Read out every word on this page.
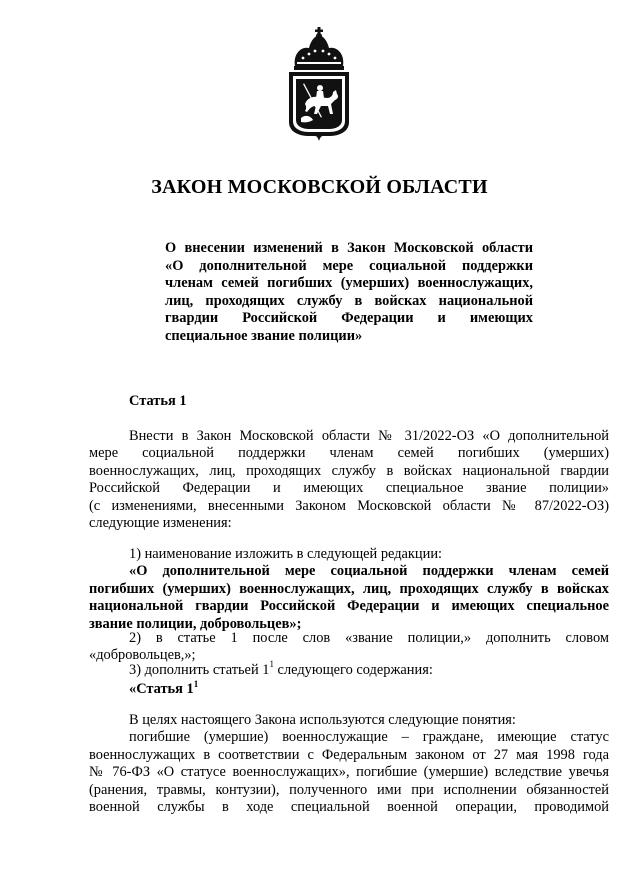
ЗАКОН МОСКОВСКОЙ ОБЛАСТИ
О внесении изменений в Закон Московской области
«О дополнительной мере социальной поддержки
членам семей погибших (умерших) военнослужащих,
лиц, проходящих службу в войсках национальной
гвардии Российской Федерации и имеющих
специальное звание полиции»
Статья 1
Внести в Закон Московской области № 31/2022-ОЗ «О дополнительной
мере социальной поддержки членам семей погибших (умерших)
военнослужащих, лиц, проходящих службу в войсках национальной гвардии
Российской Федерации и имеющих специальное звание полиции»
(с изменениями, внесенными Законом Московской области № 87/2022-ОЗ)
следующие изменения:
1) наименование изложить в следующей редакции:
«О дополнительной мере социальной поддержки членам семей
погибших (умерших) военнослужащих, лиц, проходящих службу в войсках
национальной гвардии Российской Федерации и имеющих специальное
звание полиции, добровольцев»;
2) в статье 1 после слов «звание полиции,» дополнить словом
«добровольцев,»;
3) дополнить статьей $1^1$ следующего содержания:
«Статья $1^1$
В целях настоящего Закона используются следующие понятия:
погибшие (умершие) военнослужащие – граждане, имеющие статус
военнослужащих в соответствии с Федеральным законом от 27 мая 1998 года
№ 76-ФЗ «О статусе военнослужащих», погибшие (умершие) вследствие увечья
(ранения, травмы, контузии), полученного ими при исполнении обязанностей
военной службы в ходе специальной военной операции, проводимой
